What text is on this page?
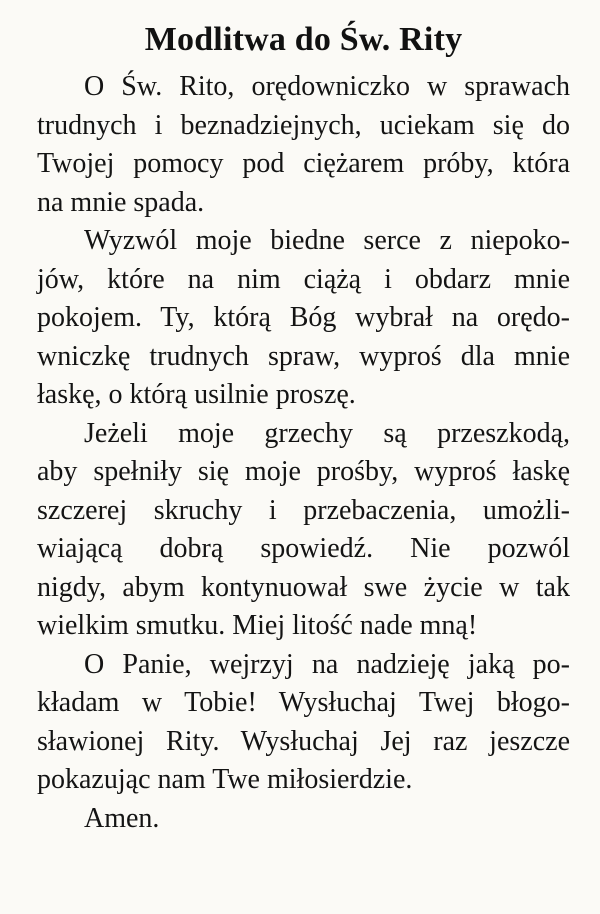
Modlitwa do Św. Rity
O Św. Rito, orędowniczko w sprawach
trudnych i beznadziejnych, uciekam się do
Twojej pomocy pod ciężarem próby, która
na mnie spada.
Wyzwól moje biedne serce z niepoko-
jów, które na nim ciążą i obdarz mnie
pokojem. Ty, którą Bóg wybrał na orędo-
wniczkę trudnych spraw, wyproś dla mnie
łaskę, o którą usilnie proszę.
Jeżeli moje grzechy są przeszkodą,
aby spełniły się moje prośby, wyproś łaskę
szczerej skruchy i przebaczenia, umożli-
wiającą dobrą spowiedź. Nie pozwól
nigdy, abym kontynuował swe życie w tak
wielkim smutku. Miej litość nade mną!
O Panie, wejrzyj na nadzieję jaką po-
kładam w Tobie! Wysłuchaj Twej błogo-
sławionej Rity. Wysłuchaj Jej raz jeszcze
pokazując nam Twe miłosierdzie.
Amen.
